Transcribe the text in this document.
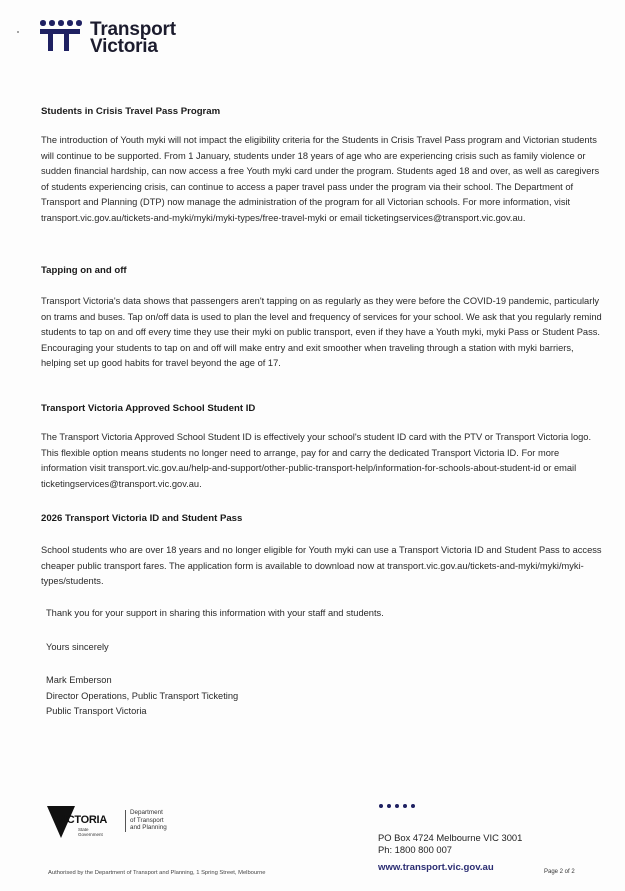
Transport
Victoria
Students in Crisis Travel Pass Program

The introduction of Youth myki will not impact the eligibility criteria for the Students in Crisis Travel Pass program and Victorian students will continue to be supported. From 1 January, students under 18 years of age who are experiencing crisis such as family violence or sudden financial hardship, can now access a free Youth myki card under the program. Students aged 18 and over, as well as caregivers of students experiencing crisis, can continue to access a paper travel pass under the program via their school. The Department of Transport and Planning (DTP) now manage the administration of the program for all Victorian schools. For more information, visit transport.vic.gov.au/tickets-and-myki/myki/myki-types/free-travel-myki or email ticketingservices@transport.vic.gov.au.

Tapping on and off

Transport Victoria's data shows that passengers aren't tapping on as regularly as they were before the COVID-19 pandemic, particularly on trams and buses. Tap on/off data is used to plan the level and frequency of services for your school. We ask that you regularly remind students to tap on and off every time they use their myki on public transport, even if they have a Youth myki, myki Pass or Student Pass. Encouraging your students to tap on and off will make entry and exit smoother when traveling through a station with myki barriers, helping set up good habits for travel beyond the age of 17.

Transport Victoria Approved School Student ID

The Transport Victoria Approved School Student ID is effectively your school's student ID card with the PTV or Transport Victoria logo. This flexible option means students no longer need to arrange, pay for and carry the dedicated Transport Victoria ID. For more information visit transport.vic.gov.au/help-and-support/other-public-transport-help/information-for-schools-about-student-id or email ticketingservices@transport.vic.gov.au.

2026 Transport Victoria ID and Student Pass

School students who are over 18 years and no longer eligible for Youth myki can use a Transport Victoria ID and Student Pass to access cheaper public transport fares. The application form is available to download now at transport.vic.gov.au/tickets-and-myki/myki/myki-types/students.

Thank you for your support in sharing this information with your staff and students.

Yours sincerely

Mark Emberson
Director Operations, Public Transport Ticketing
Public Transport Victoria
VICTORIA
State
Government
Department
of Transport
and Planning
Authorised by the Department of Transport and Planning, 1 Spring Street, Melbourne
PO Box 4724 Melbourne VIC 3001
Ph: 1800 800 007
www.transport.vic.gov.au	Page 2 of 2
